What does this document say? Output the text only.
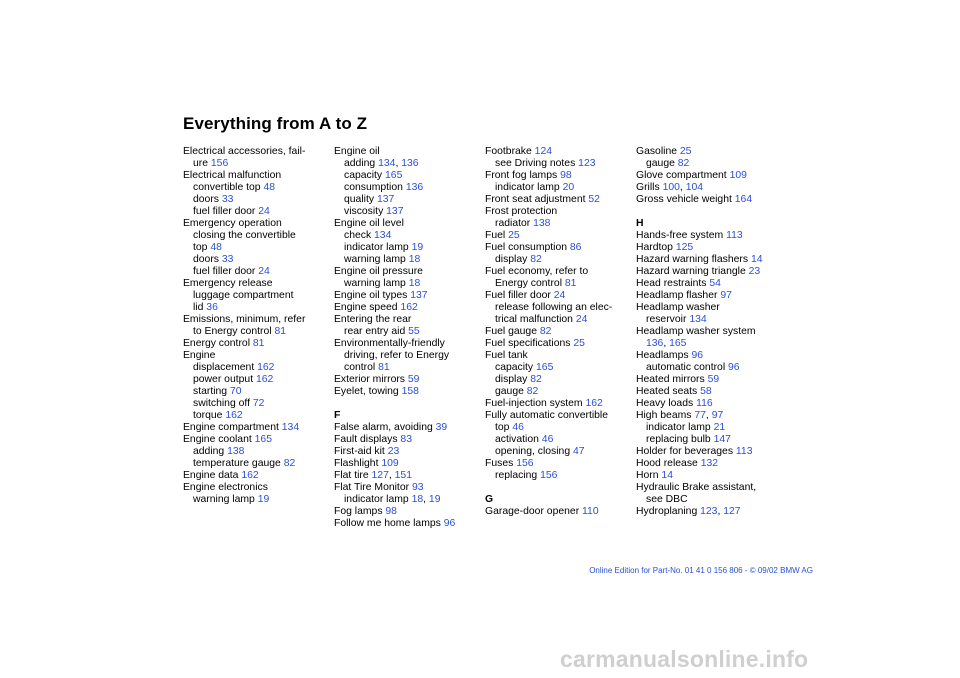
Everything from A to Z
Electrical accessories, fail-
ure 156
Electrical malfunction
convertible top 48
doors 33
fuel filler door 24
Emergency operation
closing the convertible
top 48
doors 33
fuel filler door 24
Emergency release
luggage compartment
lid 36
Emissions, minimum, refer
to Energy control 81
Energy control 81
Engine
displacement 162
power output 162
starting 70
switching off 72
torque 162
Engine compartment 134
Engine coolant 165
adding 138
temperature gauge 82
Engine data 162
Engine electronics
warning lamp 19
Engine oil
adding 134, 136
capacity 165
consumption 136
quality 137
viscosity 137
Engine oil level
check 134
indicator lamp 19
warning lamp 18
Engine oil pressure
warning lamp 18
Engine oil types 137
Engine speed 162
Entering the rear
rear entry aid 55
Environmentally-friendly
driving, refer to Energy
control 81
Exterior mirrors 59
Eyelet, towing 158
F
False alarm, avoiding 39
Fault displays 83
First-aid kit 23
Flashlight 109
Flat tire 127, 151
Flat Tire Monitor 93
indicator lamp 18, 19
Fog lamps 98
Follow me home lamps 96
Footbrake 124
see Driving notes 123
Front fog lamps 98
indicator lamp 20
Front seat adjustment 52
Frost protection
radiator 138
Fuel 25
Fuel consumption 86
display 82
Fuel economy, refer to
Energy control 81
Fuel filler door 24
release following an elec-
trical malfunction 24
Fuel gauge 82
Fuel specifications 25
Fuel tank
capacity 165
display 82
gauge 82
Fuel-injection system 162
Fully automatic convertible
top 46
activation 46
opening, closing 47
Fuses 156
replacing 156
G
Garage-door opener 110
Gasoline 25
gauge 82
Glove compartment 109
Grills 100, 104
Gross vehicle weight 164
H
Hands-free system 113
Hardtop 125
Hazard warning flashers 14
Hazard warning triangle 23
Head restraints 54
Headlamp flasher 97
Headlamp washer
reservoir 134
Headlamp washer system
136, 165
Headlamps 96
automatic control 96
Heated mirrors 59
Heated seats 58
Heavy loads 116
High beams 77, 97
indicator lamp 21
replacing bulb 147
Holder for beverages 113
Hood release 132
Horn 14
Hydraulic Brake assistant,
see DBC
Hydroplaning 123, 127
Online Edition for Part-No. 01 41 0 156 806 - © 09/02 BMW AG
carmanualsonline.info
